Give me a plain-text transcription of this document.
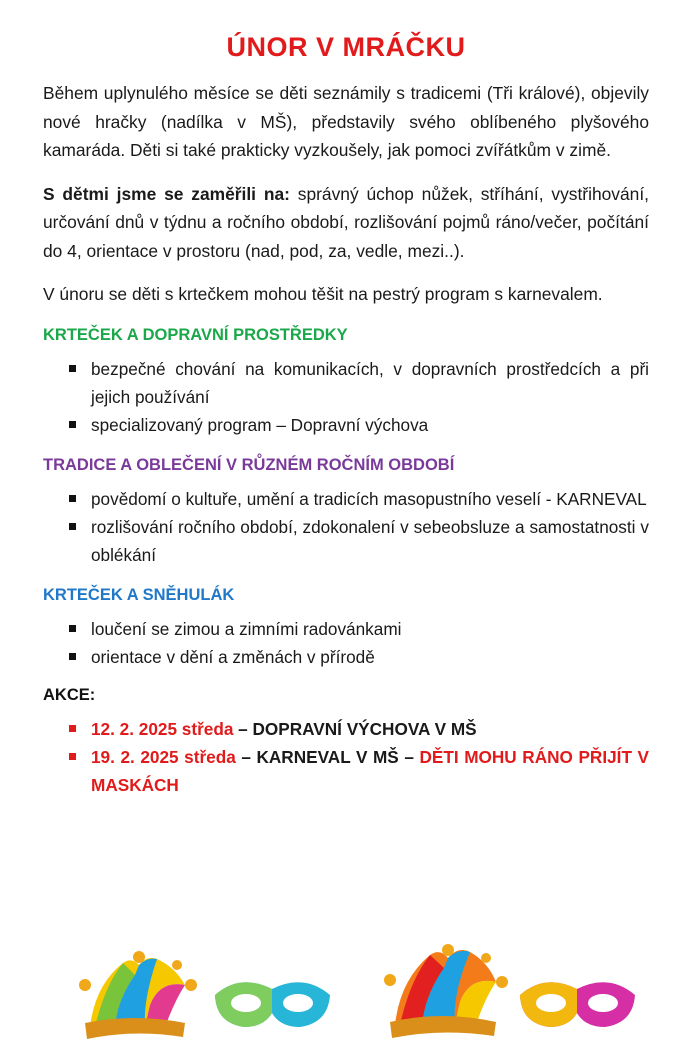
ÚNOR V MRÁČKU

Během uplynulého měsíce se děti seznámily s tradicemi (Tři králové), objevily nové hračky (nadílka v MŠ), představily svého oblíbeného plyšového kamaráda. Děti si také prakticky vyzkoušely, jak pomoci zvířátkům v zimě.

S dětmi jsme se zaměřili na: správný úchop nůžek, stříhání, vystřihování, určování dnů v týdnu a ročního období, rozlišování pojmů ráno/večer, počítání do 4, orientace v prostoru (nad, pod, za, vedle, mezi..).

V únoru se děti s krtečkem mohou těšit na pestrý program s karnevalem.

KRTEČEK A DOPRAVNÍ PROSTŘEDKY
bezpečné chování na komunikacích, v dopravních prostředcích a při jejich používání
specializovaný program – Dopravní výchova
TRADICE A OBLEČENÍ V RŮZNÉM ROČNÍM OBDOBÍ
povědomí o kultuře, umění a tradicích masopustního veselí - KARNEVAL
rozlišování ročního období, zdokonalení v sebeobsluze a samostatnosti v oblékání
KRTEČEK A SNĚHULÁK
loučení se zimou a zimními radovánkami
orientace v dění a změnách v přírodě
AKCE:
12. 2. 2025 středa – DOPRAVNÍ VÝCHOVA V MŠ
19. 2. 2025 středa – KARNEVAL V MŠ – DĚTI MOHU RÁNO PŘIJÍT V MASKÁCH
